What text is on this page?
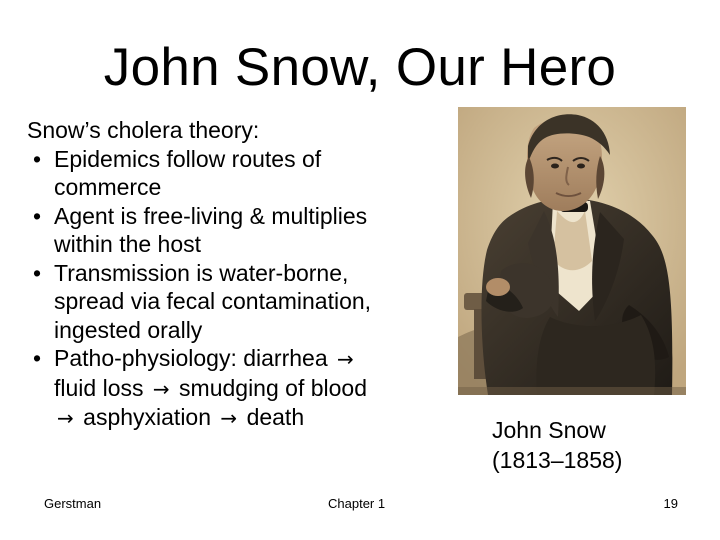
John Snow, Our Hero

Snow’s cholera theory:

• Epidemics follow routes of
commerce
• Agent is free-living & multiplies
within the host
• Transmission is water-borne,
spread via fecal contamination,
ingested orally
• Patho-physiology: diarrhea →
fluid loss → smudging of blood
→ asphyxiation → death	John Snow
(1813–1858)
Gerstman	Chapter 1	19
